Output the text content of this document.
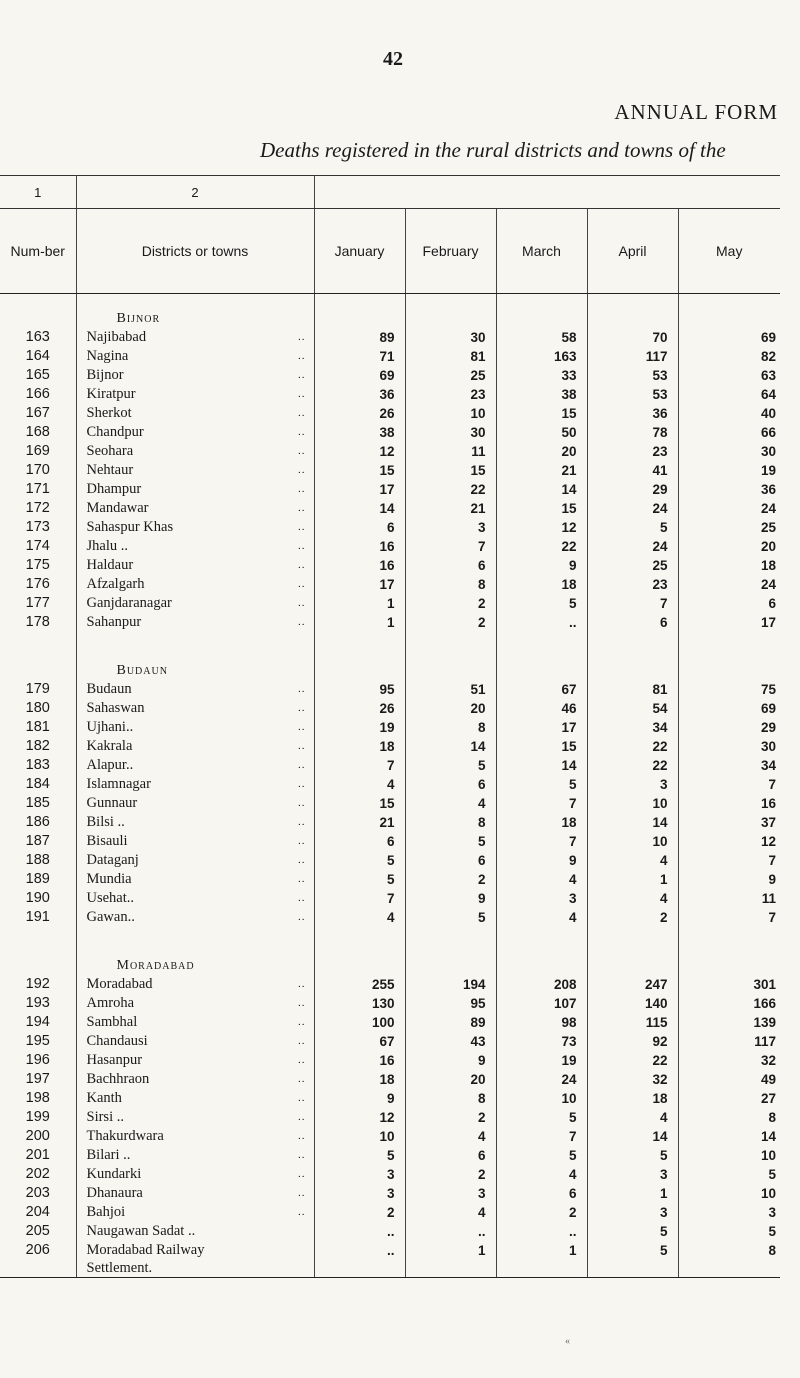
42
ANNUAL FORM
Deaths registered in the rural districts and towns of the
1	2					
Num-ber	Districts or towns	January	February	March	April	May
	Bijnor					
163	Najibabad ..	89	30	58	70	69
164	Nagina ..	71	81	163	117	82
165	Bijnor ..	69	25	33	53	63
166	Kiratpur ..	36	23	38	53	64
167	Sherkot ..	26	10	15	36	40
168	Chandpur ..	38	30	50	78	66
169	Seohara ..	12	11	20	23	30
170	Nehtaur ..	15	15	21	41	19
171	Dhampur ..	17	22	14	29	36
172	Mandawar ..	14	21	15	24	24
173	Sahaspur Khas ..	6	3	12	5	25
174	Jhalu .. ..	16	7	22	24	20
175	Haldaur ..	16	6	9	25	18
176	Afzalgarh ..	17	8	18	23	24
177	Ganjdaranagar ..	1	2	5	7	6
178	Sahanpur ..	1	2	..	6	17

	Budaun					
179	Budaun ..	95	51	67	81	75
180	Sahaswan ..	26	20	46	54	69
181	Ujhani.. ..	19	8	17	34	29
182	Kakrala ..	18	14	15	22	30
183	Alapur.. ..	7	5	14	22	34
184	Islamnagar ..	4	6	5	3	7
185	Gunnaur ..	15	4	7	10	16
186	Bilsi .. ..	21	8	18	14	37
187	Bisauli ..	6	5	7	10	12
188	Dataganj ..	5	6	9	4	7
189	Mundia ..	5	2	4	1	9
190	Usehat.. ..	7	9	3	4	11
191	Gawan.. ..	4	5	4	2	7

	Moradabad					
192	Moradabad ..	255	194	208	247	301
193	Amroha ..	130	95	107	140	166
194	Sambhal ..	100	89	98	115	139
195	Chandausi ..	67	43	73	92	117
196	Hasanpur ..	16	9	19	22	32
197	Bachhraon ..	18	20	24	32	49
198	Kanth ..	9	8	10	18	27
199	Sirsi .. ..	12	2	5	4	8
200	Thakurdwara ..	10	4	7	14	14
201	Bilari .. ..	5	6	5	5	10
202	Kundarki ..	3	2	4	3	5
203	Dhanaura ..	3	3	6	1	10
204	Bahjoi ..	2	4	2	3	3
205	Naugawan Sadat ..	..	..	..	5	5
206	Moradabad Railway	..	1	1	5	8
	Settlement.					
«
